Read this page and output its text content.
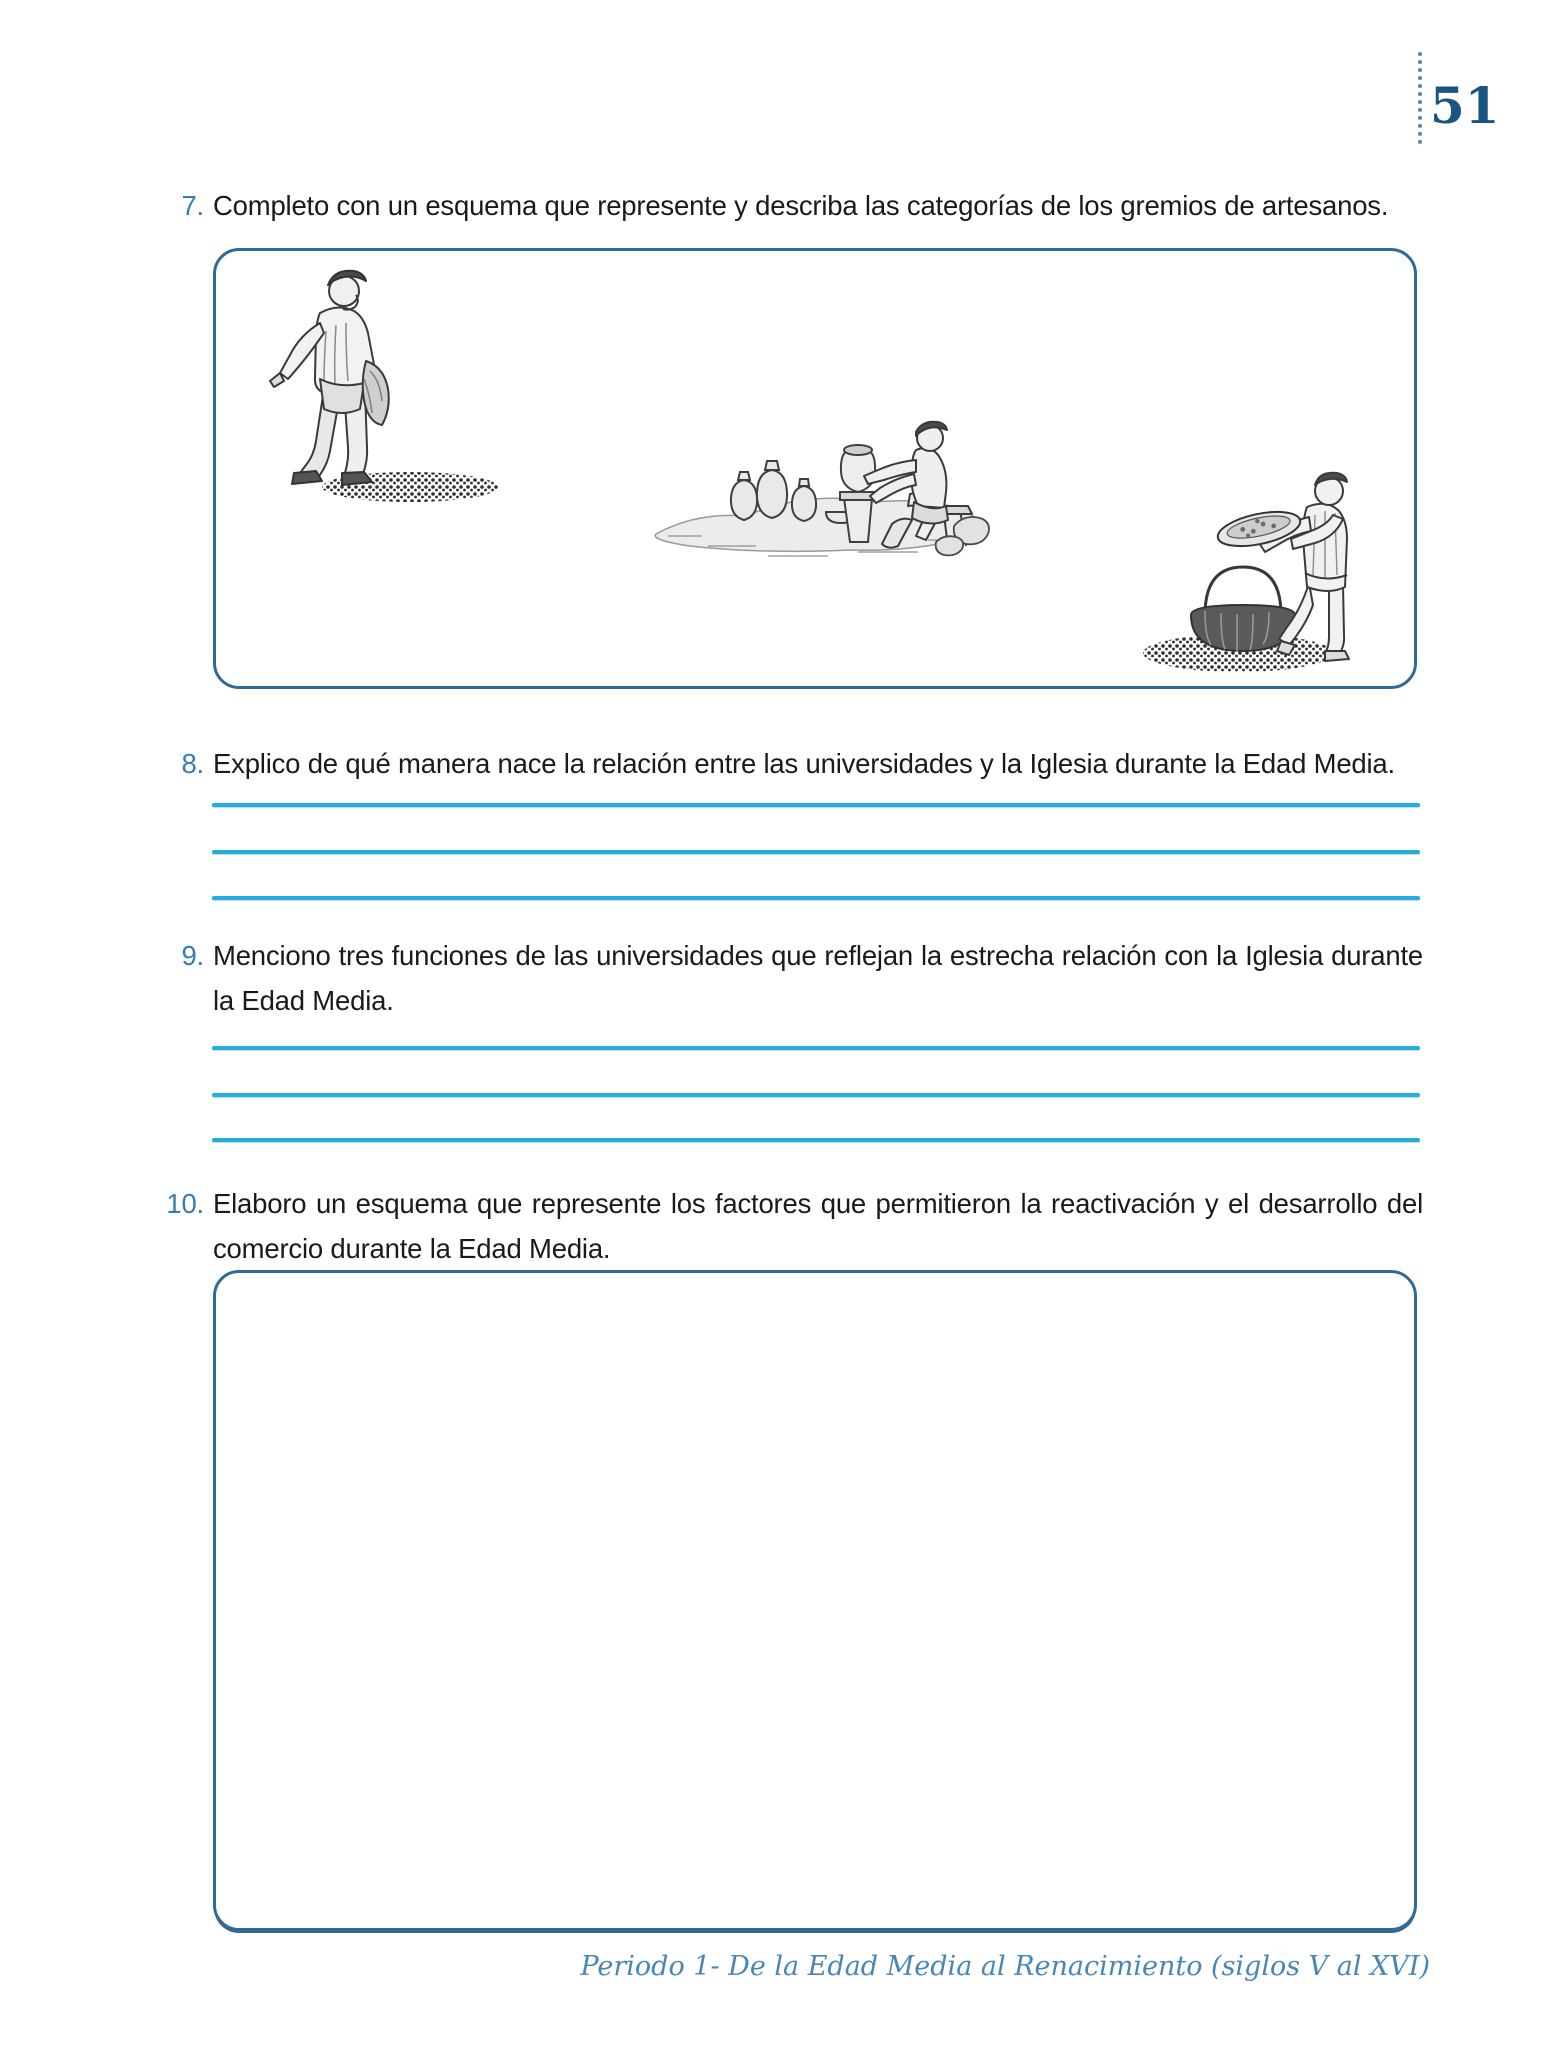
51
7. Completo con un esquema que represente y describa las categorías de los gremios de artesanos.
8. Explico de qué manera nace la relación entre las universidades y la Iglesia durante la Edad Media.
9. Menciono tres funciones de las universidades que reflejan la estrecha relación con la Iglesia durante la Edad Media.
10. Elaboro un esquema que represente los factores que permitieron la reactivación y el desarrollo del comercio durante la Edad Media.
Periodo 1- De la Edad Media al Renacimiento (siglos V al XVI)
